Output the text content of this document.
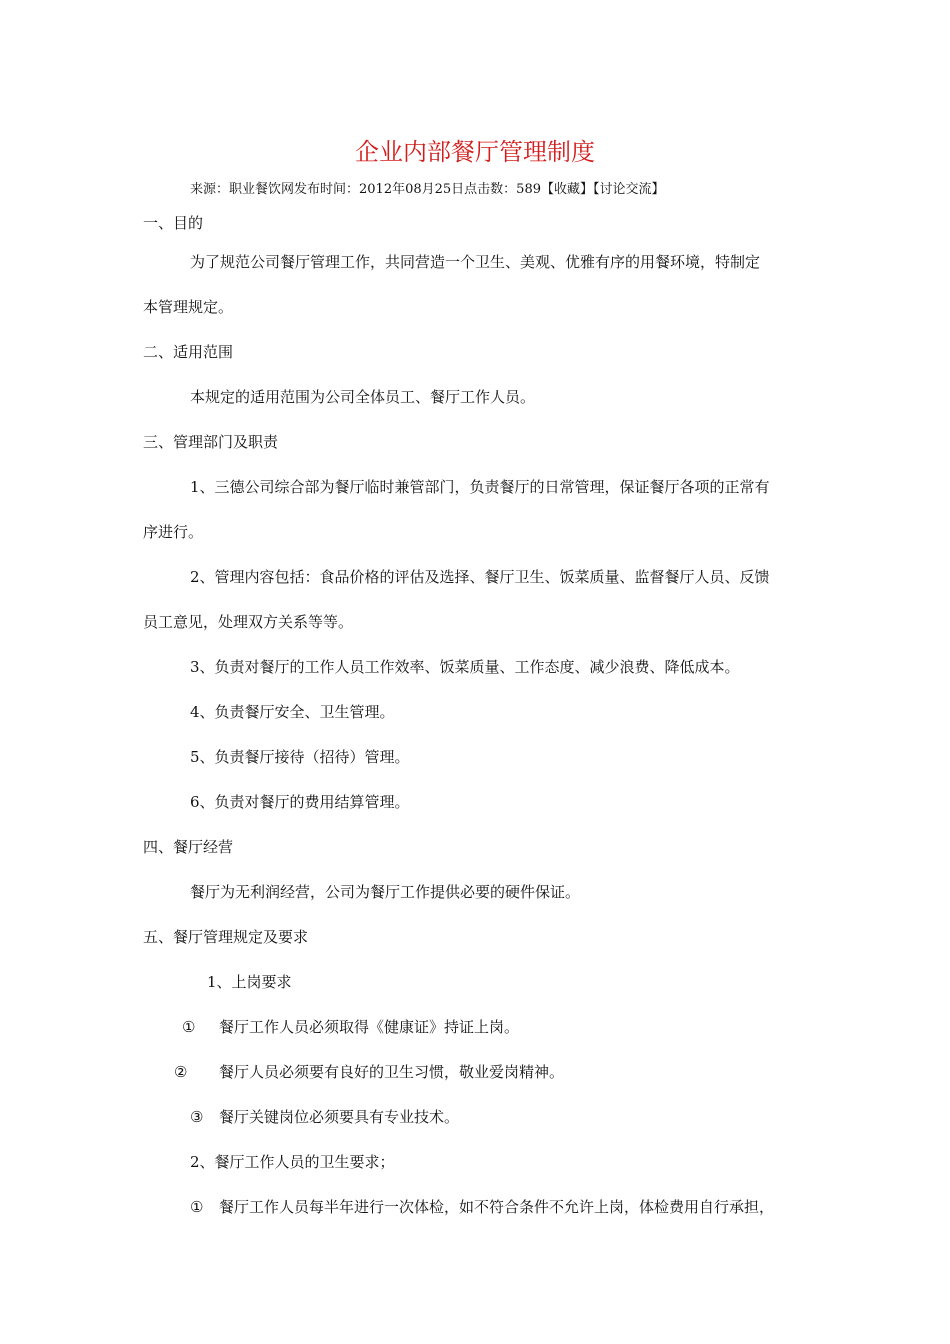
企业内部餐厅管理制度
来源：职业餐饮网发布时间：2012年08月25日点击数：589【收藏】【讨论交流】
一、目的
为了规范公司餐厅管理工作，共同营造一个卫生、美观、优雅有序的用餐环境，特制定
本管理规定。
二、适用范围
本规定的适用范围为公司全体员工、餐厅工作人员。
三、管理部门及职责
1、三德公司综合部为餐厅临时兼管部门，负责餐厅的日常管理，保证餐厅各项的正常有
序进行。
2、管理内容包括：食品价格的评估及选择、餐厅卫生、饭菜质量、监督餐厅人员、反馈
员工意见，处理双方关系等等。
3、负责对餐厅的工作人员工作效率、饭菜质量、工作态度、减少浪费、降低成本。
4、负责餐厅安全、卫生管理。
5、负责餐厅接待（招待）管理。
6、负责对餐厅的费用结算管理。
四、餐厅经营
餐厅为无利润经营，公司为餐厅工作提供必要的硬件保证。
五、餐厅管理规定及要求
1、上岗要求
① 餐厅工作人员必须取得《健康证》持证上岗。
② 餐厅人员必须要有良好的卫生习惯，敬业爱岗精神。
③ 餐厅关键岗位必须要具有专业技术。
2、餐厅工作人员的卫生要求；
① 餐厅工作人员每半年进行一次体检，如不符合条件不允许上岗，体检费用自行承担，
